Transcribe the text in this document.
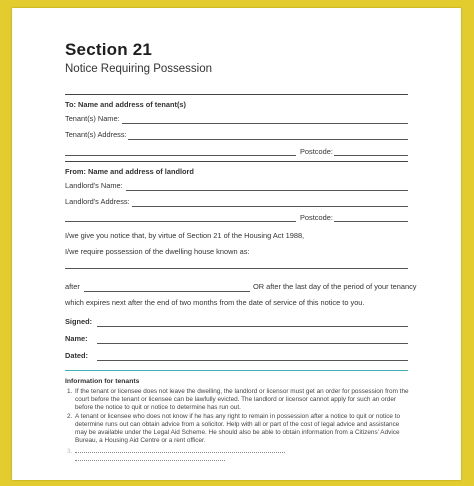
Section 21
Notice Requiring Possession
To: Name and address of tenant(s)
Tenant(s) Name:
Tenant(s) Address:
Postcode:
From: Name and address of landlord
Landlord's Name:
Landlord's Address:
Postcode:
I/we give you notice that, by virtue of Section 21 of the Housing Act 1988,
I/we require possession of the dwelling house known as:
after	OR after the last day of the period of your tenancy
which expires next after the end of two months from the date of service of this notice to you.
Signed:
Name:
Dated:
Information for tenants
1. If the tenant or licensee does not leave the dwelling, the landlord or licensor must get an order for possession from the court before the tenant or licensee can be lawfully evicted. The landlord or licensor cannot apply for such an order before the notice to quit or notice to determine has run out.
2. A tenant or licensee who does not know if he has any right to remain in possession after a notice to quit or notice to determine runs out can obtain advice from a solicitor. Help with all or part of the cost of legal advice and assistance may be available under the Legal Aid Scheme. He should also be able to obtain information from a Citizens' Advice Bureau, a Housing Aid Centre or a rent officer.
3.
